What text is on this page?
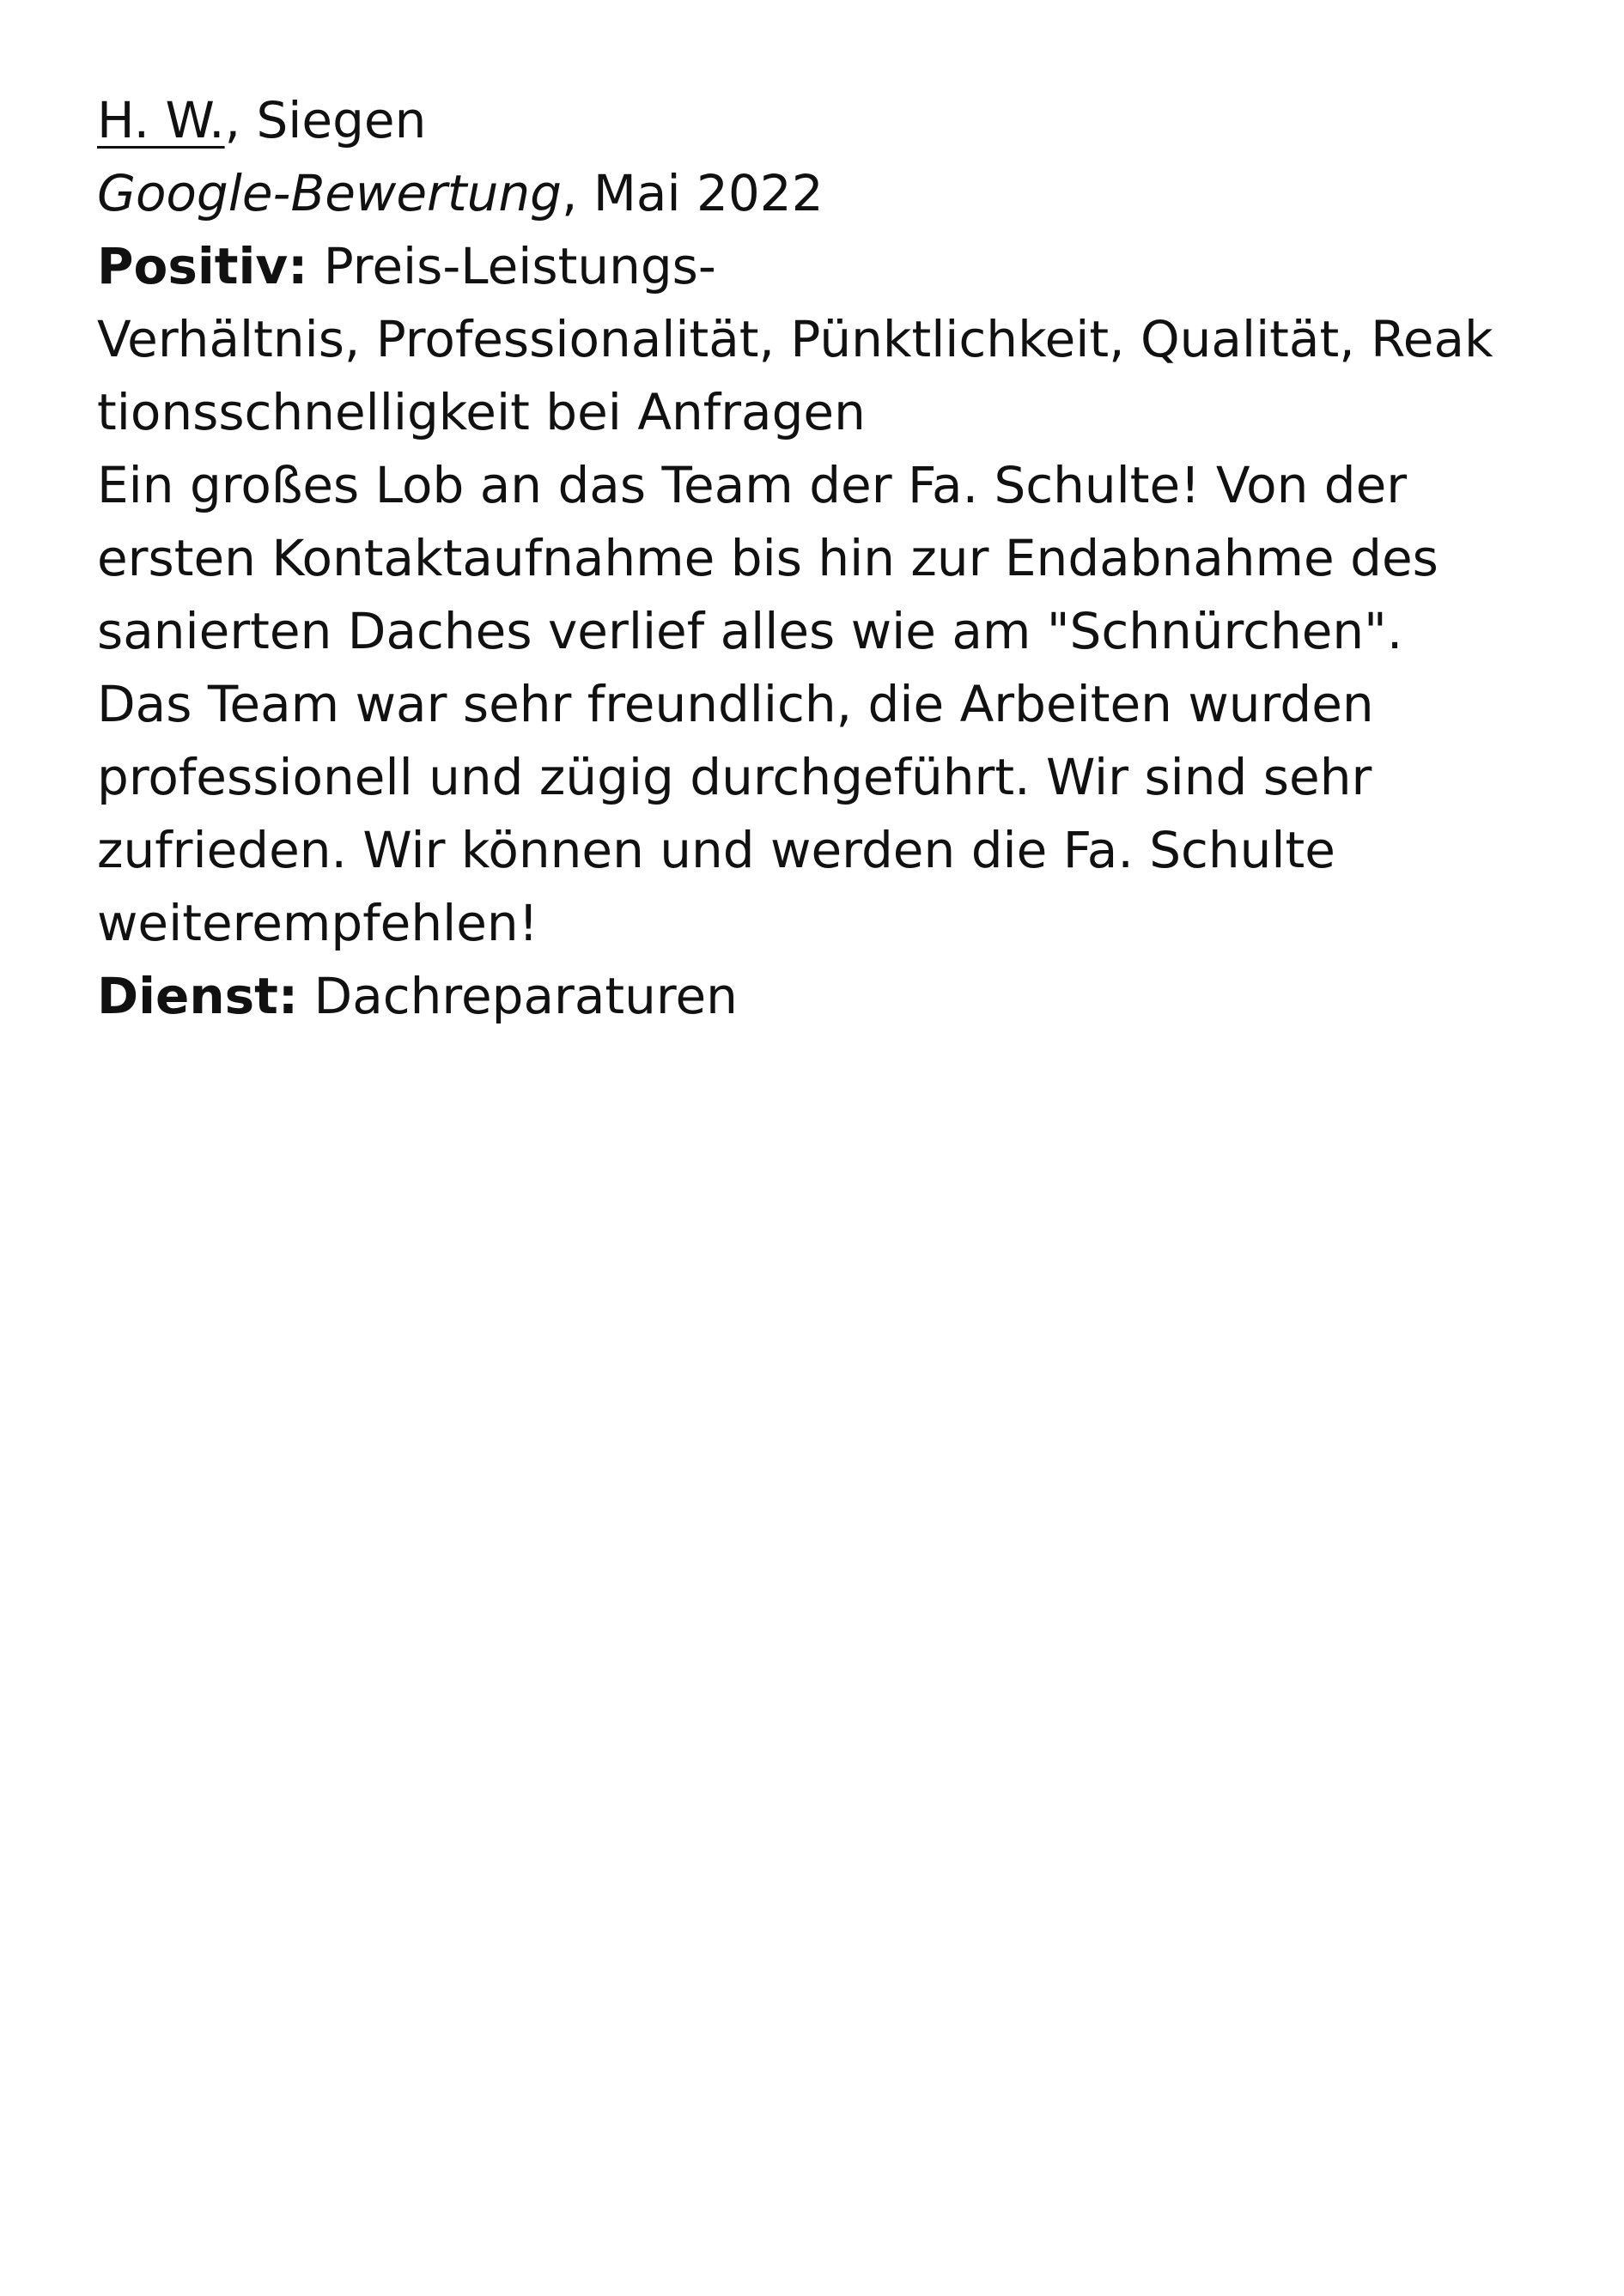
H. W., Siegen
Google-Bewertung, Mai 2022
Positiv: Preis-Leistungs-
Verhältnis, Professionalität, Pünktlichkeit, Qualität, Reak
tionsschnelligkeit bei Anfragen
Ein großes Lob an das Team der Fa. Schulte! Von der
ersten Kontaktaufnahme bis hin zur Endabnahme des
sanierten Daches verlief alles wie am "Schnürchen".
Das Team war sehr freundlich, die Arbeiten wurden
professionell und zügig durchgeführt. Wir sind sehr
zufrieden. Wir können und werden die Fa. Schulte
weiterempfehlen!
Dienst: Dachreparaturen
